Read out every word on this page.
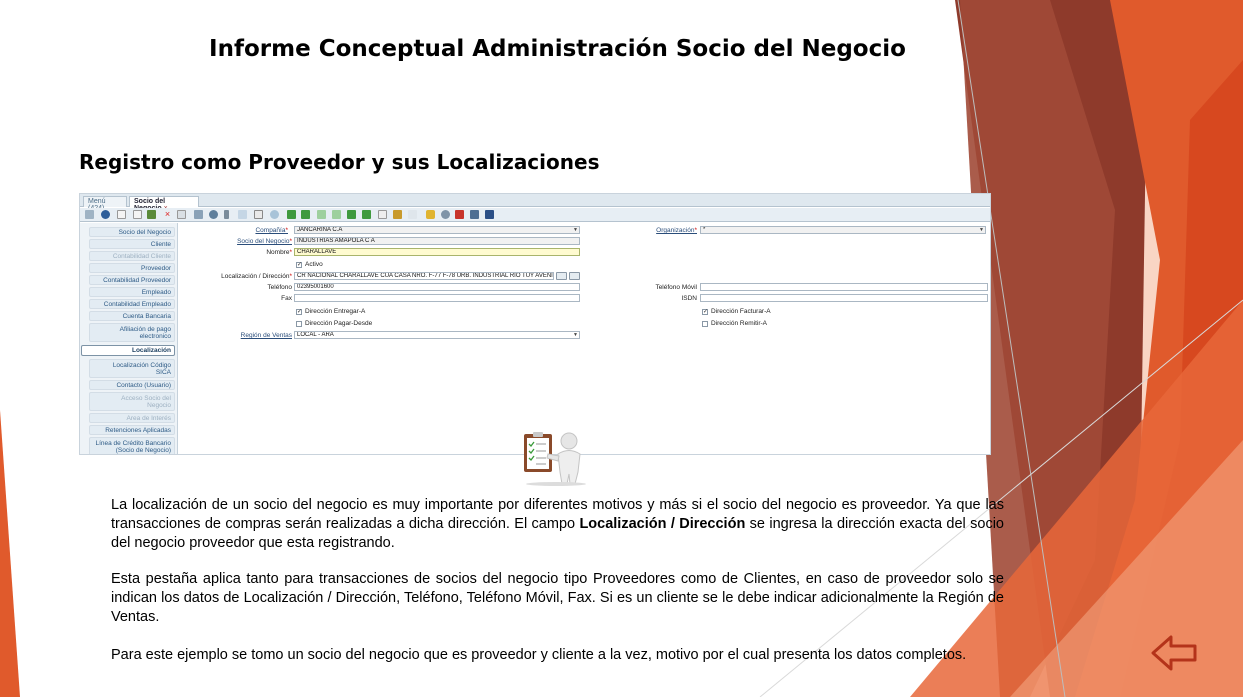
Informe Conceptual Administración Socio del Negocio
Registro como Proveedor y sus Localizaciones
Menú	Socio del
×
Socio del Negocio
Cliente
Contabilidad Cliente
Proveedor
Contabilidad Proveedor
Empleado
Contabilidad Empleado
Cuenta Bancaria
Afiliación de pago electronico
Localización
Localización Código SICA
Contacto (Usuario)
Acceso Socio del Negocio
Area de Interés
Retenciones Aplicadas
Línea de Crédito Bancario (Socio de Negocio)
Compañía*	JANCARINA C.A	▼	Organización*	*	▼
Socio del Negocio* INDUSTRIAS AMAPOLA C A
Nombre* CHARALLAVE
✓ Activo
Localización / Dirección* CR NACIONAL CHARALLAVE CUA CASA NRO. F-77 F-78 URB. INDUSTRIAL RIO TUY AVENI
Teléfono 02395001600	Teléfono Móvil
Fax	ISDN
✓ Dirección Entregar-A	✓ Dirección Facturar-A
Dirección Pagar-Desde	Dirección Remitir-A
Región de Ventas LOCAL - ARA	▼

La localización de un socio del negocio es muy importante por diferentes motivos y más si el socio del negocio es proveedor. Ya que las transacciones de compras serán realizadas a dicha dirección. El campo Localización / Dirección se ingresa la dirección exacta del socio del negocio proveedor que esta registrando.

Esta pestaña aplica tanto para transacciones de socios del negocio tipo Proveedores como de Clientes, en caso de proveedor solo se indican los datos de Localización / Dirección, Teléfono, Teléfono Móvil, Fax. Si es un cliente se le debe indicar adicionalmente la Región de Ventas.

Para este ejemplo se tomo un socio del negocio que es proveedor y cliente a la vez, motivo por el cual presenta los datos completos.
